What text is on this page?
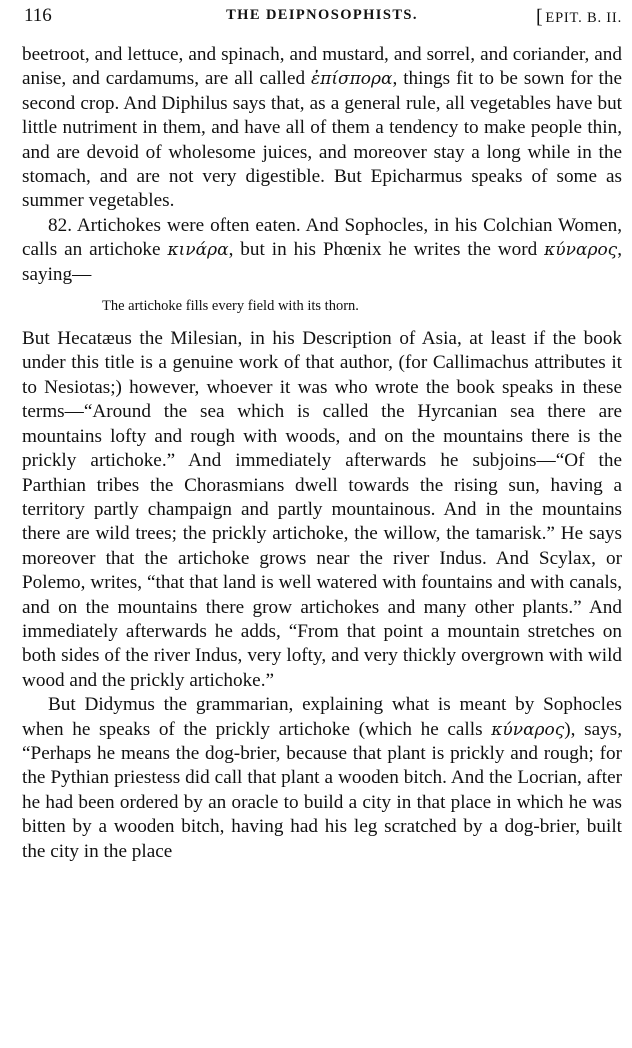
116	THE DEIPNOSOPHISTS.	[ EPIT. B. II.

beetroot, and lettuce, and spinach, and mustard, and sorrel, and coriander, and anise, and cardamums, are all called ἐπίσπορα, things fit to be sown for the second crop. And Diphilus says that, as a general rule, all vegetables have but little nutriment in them, and have all of them a tendency to make people thin, and are devoid of wholesome juices, and moreover stay a long while in the stomach, and are not very digestible. But Epicharmus speaks of some as summer vegetables.

82. Artichokes were often eaten. And Sophocles, in his Colchian Women, calls an artichoke κινάρα, but in his Phœnix he writes the word κύναρος, saying—

The artichoke fills every field with its thorn.

But Hecatæus the Milesian, in his Description of Asia, at least if the book under this title is a genuine work of that author, (for Callimachus attributes it to Nesiotas;) however, whoever it was who wrote the book speaks in these terms—“Around the sea which is called the Hyrcanian sea there are mountains lofty and rough with woods, and on the mountains there is the prickly artichoke.” And immediately afterwards he subjoins—“Of the Parthian tribes the Chorasmians dwell towards the rising sun, having a territory partly champaign and partly mountainous. And in the mountains there are wild trees; the prickly artichoke, the willow, the tamarisk.” He says moreover that the artichoke grows near the river Indus. And Scylax, or Polemo, writes, “that that land is well watered with fountains and with canals, and on the mountains there grow artichokes and many other plants.” And immediately afterwards he adds, “From that point a mountain stretches on both sides of the river Indus, very lofty, and very thickly overgrown with wild wood and the prickly artichoke.”

But Didymus the grammarian, explaining what is meant by Sophocles when he speaks of the prickly artichoke (which he calls κύναρος), says, “Perhaps he means the dog-brier, because that plant is prickly and rough; for the Pythian priestess did call that plant a wooden bitch. And the Locrian, after he had been ordered by an oracle to build a city in that place in which he was bitten by a wooden bitch, having had his leg scratched by a dog-brier, built the city in the place
